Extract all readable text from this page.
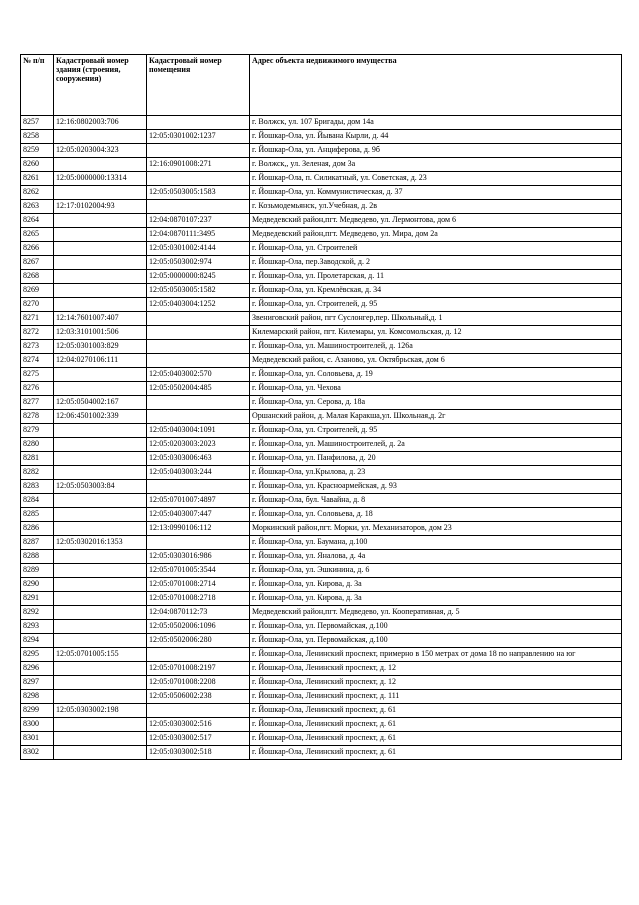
№ п/п	Кадастровый номер здания (строения, сооружения)	Кадастровый номер помещения	Адрес объекта недвижимого имущества
8257	12:16:0802003:706		г. Волжск, ул. 107 Бригады, дом 14а
8258		12:05:0301002:1237	г. Йошкар-Ола, ул. Йывана Кырли, д. 44
8259	12:05:0203004:323		г. Йошкар-Ола, ул. Анциферова, д. 9б
8260		12:16:0901008:271	г. Волжск,, ул. Зеленая, дом 3а
8261	12:05:0000000:13314		г. Йошкар-Ола, п. Силикатный, ул. Советская, д. 23
8262		12:05:0503005:1583	г. Йошкар-Ола, ул. Коммунистическая, д. 37
8263	12:17:0102004:93		г. Козьмодемьянск, ул.Учебная, д. 2в
8264		12:04:0870107:237	Медведевский район,пгт. Медведево, ул. Лермонтова, дом 6
8265		12:04:0870111:3495	Медведевский район,пгт. Медведево, ул. Мира, дом 2а
8266		12:05:0301002:4144	г. Йошкар-Ола, ул. Строителей
8267		12:05:0503002:974	г. Йошкар-Ола, пер.Заводской, д. 2
8268		12:05:0000000:8245	г. Йошкар-Ола, ул. Пролетарская, д. 11
8269		12:05:0503005:1582	г. Йошкар-Ола, ул. Кремлёвская, д. 34
8270		12:05:0403004:1252	г. Йошкар-Ола, ул. Строителей, д. 95
8271	12:14:7601007:407		Звениговский район, пгт Суслонгер,пер. Школьный,д. 1
8272	12:03:3101001:506		Килемарский район, пгт. Килемары, ул. Комсомольская, д. 12
8273	12:05:0301003:829		г. Йошкар-Ола, ул. Машиностроителей, д. 126а
8274	12:04:0270106:111		Медведевский район, с. Азаново, ул. Октябрьская, дом 6
8275		12:05:0403002:570	г. Йошкар-Ола, ул. Соловьева, д. 19
8276		12:05:0502004:485	г. Йошкар-Ола, ул. Чехова
8277	12:05:0504002:167		г. Йошкар-Ола, ул. Серова, д. 18а
8278	12:06:4501002:339		Оршанский район, д. Малая Каракша,ул. Школьная,д. 2г
8279		12:05:0403004:1091	г. Йошкар-Ола, ул. Строителей, д. 95
8280		12:05:0203003:2023	г. Йошкар-Ола, ул. Машиностроителей, д. 2а
8281		12:05:0303006:463	г. Йошкар-Ола, ул. Панфилова, д. 20
8282		12:05:0403003:244	г. Йошкар-Ола, ул.Крылова, д. 23
8283	12:05:0503003:84		г. Йошкар-Ола, ул. Красноармейская, д. 93
8284		12:05:0701007:4897	г. Йошкар-Ола, бул. Чавайна, д. 8
8285		12:05:0403007:447	г. Йошкар-Ола, ул. Соловьева, д. 18
8286		12:13:0990106:112	Моркинский район,пгт. Морки, ул. Механизаторов, дом 23
8287	12:05:0302016:1353		г. Йошкар-Ола, ул. Баумана, д.100
8288		12:05:0303016:986	г. Йошкар-Ола, ул. Яналова, д. 4а
8289		12:05:0701005:3544	г. Йошкар-Ола, ул. Эшкинина, д. 6
8290		12:05:0701008:2714	г. Йошкар-Ола, ул. Кирова, д. 3а
8291		12:05:0701008:2718	г. Йошкар-Ола, ул. Кирова, д. 3а
8292		12:04:0870112:73	Медведевский район,пгт. Медведево, ул. Кооперативная, д. 5
8293		12:05:0502006:1096	г. Йошкар-Ола, ул. Первомайская, д.100
8294		12:05:0502006:280	г. Йошкар-Ола, ул. Первомайская, д.100
8295	12:05:0701005:155		г. Йошкар-Ола, Ленинский проспект, примерно в 150 метрах от дома 18 по направлению на юг
8296		12:05:0701008:2197	г. Йошкар-Ола, Ленинский проспект, д. 12
8297		12:05:0701008:2208	г. Йошкар-Ола, Ленинский проспект, д. 12
8298		12:05:0506002:238	г. Йошкар-Ола, Ленинский проспект, д. 111
8299	12:05:0303002:198		г. Йошкар-Ола, Ленинский проспект, д. 61
8300		12:05:0303002:516	г. Йошкар-Ола, Ленинский проспект, д. 61
8301		12:05:0303002:517	г. Йошкар-Ола, Ленинский проспект, д. 61
8302		12:05:0303002:518	г. Йошкар-Ола, Ленинский проспект, д. 61
